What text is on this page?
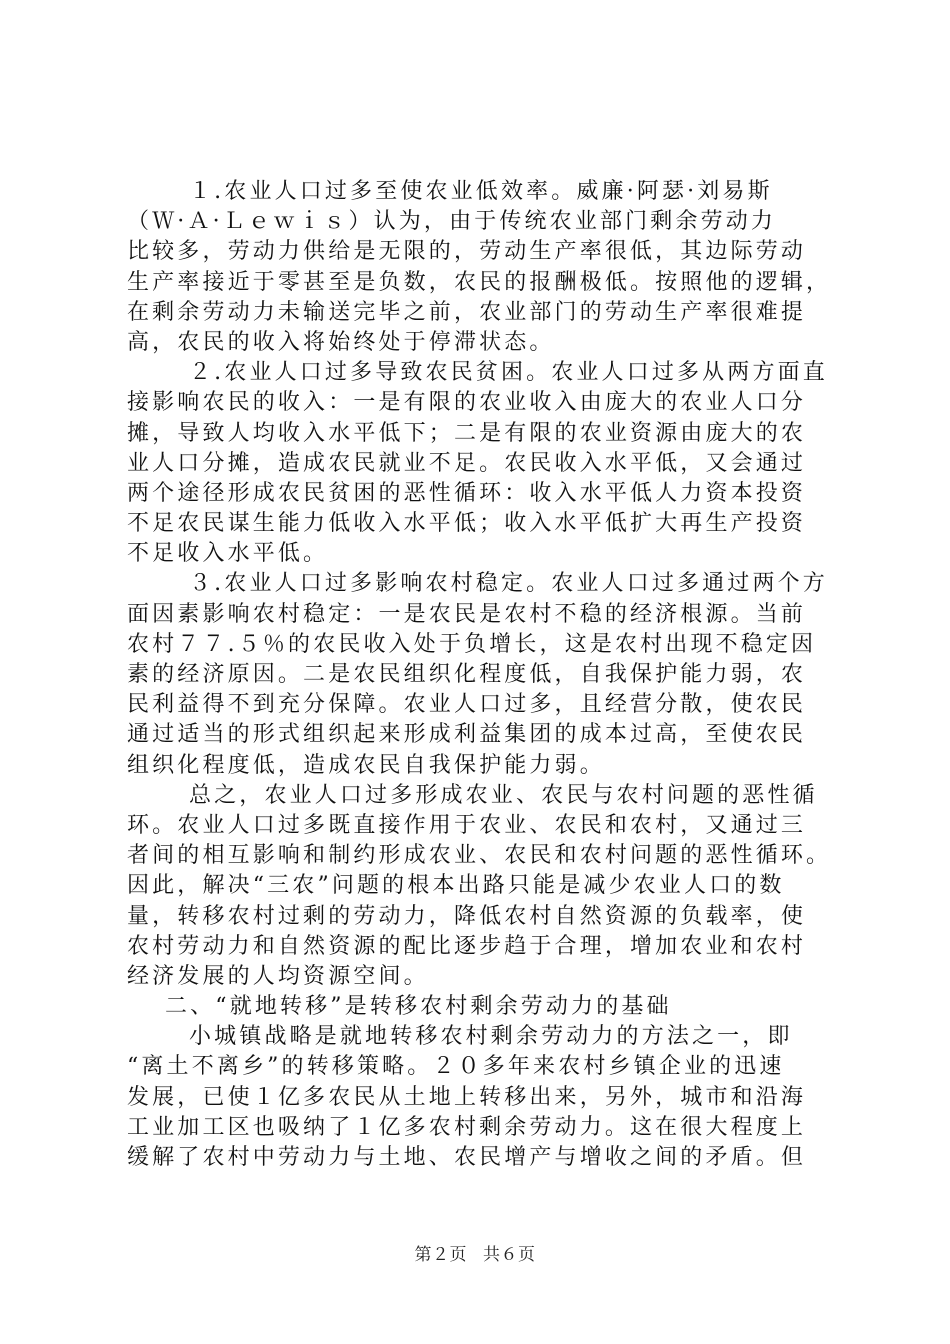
１.农业人口过多至使农业低效率。威廉·阿瑟·刘易斯
（Ｗ·Ａ·Ｌｅｗｉｓ）认为，由于传统农业部门剩余劳动力
比较多，劳动力供给是无限的，劳动生产率很低，其边际劳动
生产率接近于零甚至是负数，农民的报酬极低。按照他的逻辑，
在剩余劳动力未输送完毕之前，农业部门的劳动生产率很难提
高，农民的收入将始终处于停滞状态。
２.农业人口过多导致农民贫困。农业人口过多从两方面直
接影响农民的收入：一是有限的农业收入由庞大的农业人口分
摊，导致人均收入水平低下；二是有限的农业资源由庞大的农
业人口分摊，造成农民就业不足。农民收入水平低，又会通过
两个途径形成农民贫困的恶性循环：收入水平低人力资本投资
不足农民谋生能力低收入水平低；收入水平低扩大再生产投资
不足收入水平低。
３.农业人口过多影响农村稳定。农业人口过多通过两个方
面因素影响农村稳定：一是农民是农村不稳的经济根源。当前
农村７７.５％的农民收入处于负增长，这是农村出现不稳定因
素的经济原因。二是农民组织化程度低，自我保护能力弱，农
民利益得不到充分保障。农业人口过多，且经营分散，使农民
通过适当的形式组织起来形成利益集团的成本过高，至使农民
组织化程度低，造成农民自我保护能力弱。
总之，农业人口过多形成农业、农民与农村问题的恶性循
环。农业人口过多既直接作用于农业、农民和农村，又通过三
者间的相互影响和制约形成农业、农民和农村问题的恶性循环。
因此，解决“三农”问题的根本出路只能是减少农业人口的数
量，转移农村过剩的劳动力，降低农村自然资源的负载率，使
农村劳动力和自然资源的配比逐步趋于合理，增加农业和农村
经济发展的人均资源空间。
二、“就地转移”是转移农村剩余劳动力的基础
小城镇战略是就地转移农村剩余劳动力的方法之一，即
“离土不离乡”的转移策略。２０多年来农村乡镇企业的迅速
发展，已使１亿多农民从土地上转移出来，另外，城市和沿海
工业加工区也吸纳了１亿多农村剩余劳动力。这在很大程度上
缓解了农村中劳动力与土地、农民增产与增收之间的矛盾。但
第２页 共６页
